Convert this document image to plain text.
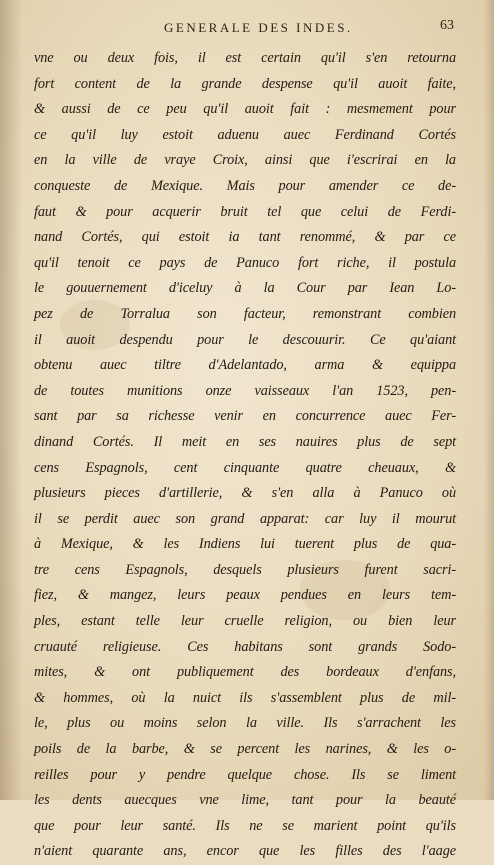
GENERALE DES INDES.	63
vne ou deux fois, il est certain qu'il s'en retourna
fort content de la grande despense qu'il auoit faite,
& aussi de ce peu qu'il auoit fait : mesmement pour
ce qu'il luy estoit aduenu auec Ferdinand Cortés
en la ville de vraye Croix, ainsi que i'escrirai en la
conqueste de Mexique. Mais pour amender ce de-
faut & pour acquerir bruit tel que celui de Ferdi-
nand Cortés, qui estoit ia tant renommé, & par ce
qu'il tenoit ce pays de Panuco fort riche, il postula
le gouuernement d'iceluy à la Cour par Iean Lo-
pez de Torralua son facteur, remonstrant combien
il auoit despendu pour le descouurir. Ce qu'aiant
obtenu auec tiltre d'Adelantado, arma & equippa
de toutes munitions onze vaisseaux l'an 1523, pen-
sant par sa richesse venir en concurrence auec Fer-
dinand Cortés. Il meit en ses nauires plus de sept
cens Espagnols, cent cinquante quatre cheuaux, &
plusieurs pieces d'artillerie, & s'en alla à Panuco où
il se perdit auec son grand apparat: car luy il mourut
à Mexique, & les Indiens lui tuerent plus de qua-
tre cens Espagnols, desquels plusieurs furent sacri-
fiez, & mangez, leurs peaux pendues en leurs tem-
ples, estant telle leur cruelle religion, ou bien leur
cruauté religieuse. Ces habitans sont grands Sodo-
mites, & ont publiquement des bordeaux d'enfans,
& hommes, où la nuict ils s'assemblent plus de mil-
le, plus ou moins selon la ville. Ils s'arrachent les
poils de la barbe, & se percent les narines, & les o-
reilles pour y pendre quelque chose. Ils se liment
les dents auecques vne lime, tant pour la beauté
que pour leur santé. Ils ne se marient point qu'ils
n'aient quarante ans, encor que les filles des l'aage
